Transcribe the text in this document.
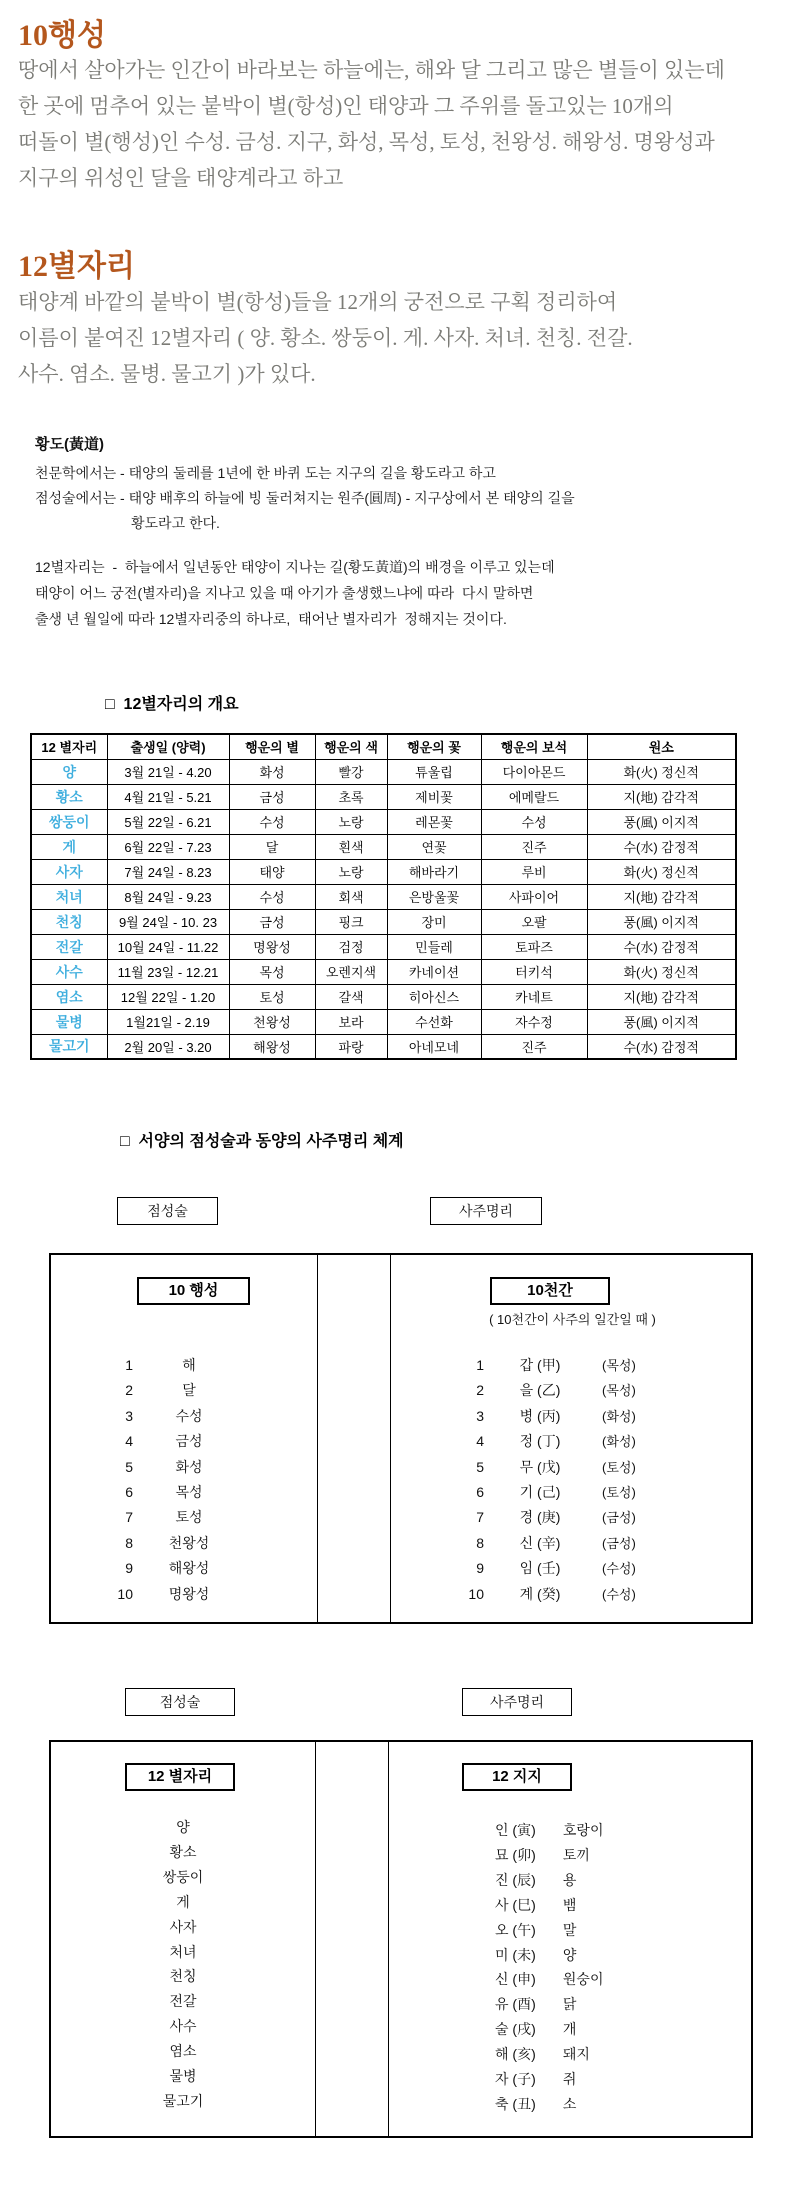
10행성
땅에서 살아가는 인간이 바라보는 하늘에는, 해와 달 그리고 많은 별들이 있는데
한 곳에 멈추어 있는 붙박이 별(항성)인 태양과 그 주위를 돌고있는 10개의
떠돌이 별(행성)인 수성. 금성. 지구, 화성, 목성, 토성, 천왕성. 해왕성. 명왕성과
지구의 위성인 달을 태양계라고 하고
12별자리
태양계 바깥의 붙박이 별(항성)들을 12개의 궁전으로 구획 정리하여
이름이 붙여진 12별자리 ( 양. 황소. 쌍둥이. 게. 사자. 처녀. 천칭. 전갈.
사수. 염소. 물병. 물고기 )가 있다.
황도(黃道)
천문학에서는 - 태양의 둘레를 1년에 한 바퀴 도는 지구의 길을 황도라고 하고
점성술에서는 - 태양 배후의 하늘에 빙 둘러쳐지는 원주(圓周) - 지구상에서 본 태양의 길을
황도라고 한다.
12별자리는  -  하늘에서 일년동안 태양이 지나는 길(황도黃道)의 배경을 이루고 있는데
태양이 어느 궁전(별자리)을 지나고 있을 때 아기가 출생했느냐에 따라  다시 말하면
출생 년 월일에 따라 12별자리중의 하나로,  태어난 별자리가  정해지는 것이다.
□  12별자리의 개요
12 별자리	출생일 (양력)	행운의 별	행운의 색	행운의 꽃	행운의 보석	원소
양	3월 21일 - 4.20	화성	빨강	튜울립	다이아몬드	화(火) 정신적
황소	4월 21일 - 5.21	금성	초록	제비꽃	에메랄드	지(地) 감각적
쌍둥이	5월 22일 - 6.21	수성	노랑	레몬꽃	수성	풍(風) 이지적
게	6월 22일 - 7.23	달	흰색	연꽃	진주	수(水) 감정적
사자	7월 24일 - 8.23	태양	노랑	해바라기	루비	화(火) 정신적
처녀	8월 24일 - 9.23	수성	회색	은방울꽃	사파이어	지(地) 감각적
천칭	9월 24일 - 10. 23	금성	핑크	장미	오팔	풍(風) 이지적
전갈	10월 24일 - 11.22	명왕성	검정	민들레	토파즈	수(水) 감정적
사수	11월 23일 - 12.21	목성	오렌지색	카네이션	터키석	화(火) 정신적
염소	12월 22일 - 1.20	토성	갈색	히아신스	카네트	지(地) 감각적
물병	1월21일 - 2.19	천왕성	보라	수선화	자수정	풍(風) 이지적
물고기	2월 20일 - 3.20	해왕성	파랑	아네모네	진주	수(水) 감정적
□  서양의 점성술과 동양의 사주명리 체계
점성술	사주명리
10 행성
1	해
2	달
3	수성
4	금성
5	화성
6	목성
7	토성
8	천왕성
9	해왕성
10	명왕성
10천간
( 10천간이 사주의 일간일 때 )
1	갑 (甲)	(목성)
2	을 (乙)	(목성)
3	병 (丙)	(화성)
4	정 (丁)	(화성)
5	무 (戊)	(토성)
6	기 (己)	(토성)
7	경 (庚)	(금성)
8	신 (辛)	(금성)
9	임 (壬)	(수성)
10	계 (癸)	(수성)
점성술	사주명리
12 별자리
양
황소
쌍둥이
게
사자
처녀
천칭
전갈
사수
염소
물병
물고기
12 지지
인 (寅) 호랑이
묘 (卯) 토끼
진 (辰) 용
사 (巳) 뱀
오 (午) 말
미 (未) 양
신 (申) 원숭이
유 (酉) 닭
술 (戌) 개
해 (亥) 돼지
자 (子) 쥐
축 (丑) 소
